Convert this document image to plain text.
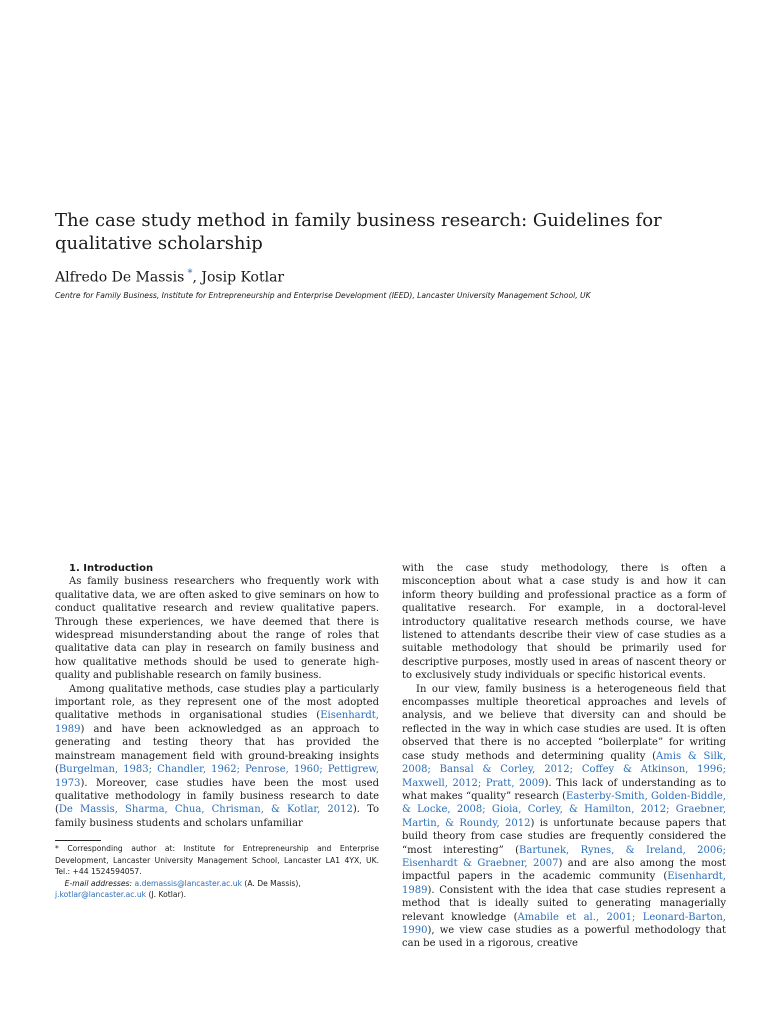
The case study method in family business research: Guidelines for qualitative scholarship
Alfredo De Massis *, Josip Kotlar
Centre for Family Business, Institute for Entrepreneurship and Enterprise Development (IEED), Lancaster University Management School, UK

1. Introduction

As family business researchers who frequently work with qualitative data, we are often asked to give seminars on how to conduct qualitative research and review qualitative papers. Through these experiences, we have deemed that there is widespread misunderstanding about the range of roles that qualitative data can play in research on family business and how qualitative methods should be used to generate high-quality and publishable research on family business.

Among qualitative methods, case studies play a particularly important role, as they represent one of the most adopted qualitative methods in organisational studies (Eisenhardt, 1989) and have been acknowledged as an approach to generating and testing theory that has provided the mainstream management field with ground-breaking insights (Burgelman, 1983; Chandler, 1962; Penrose, 1960; Pettigrew, 1973). Moreover, case studies have been the most used qualitative methodology in family business research to date (De Massis, Sharma, Chua, Chrisman, & Kotlar, 2012). To family business students and scholars unfamiliar

with the case study methodology, there is often a misconception about what a case study is and how it can inform theory building and professional practice as a form of qualitative research. For example, in a doctoral-level introductory qualitative research methods course, we have listened to attendants describe their view of case studies as a suitable methodology that should be primarily used for descriptive purposes, mostly used in areas of nascent theory or to exclusively study individuals or specific historical events.

In our view, family business is a heterogeneous field that encompasses multiple theoretical approaches and levels of analysis, and we believe that diversity can and should be reflected in the way in which case studies are used. It is often observed that there is no accepted “boilerplate” for writing case study methods and determining quality (Amis & Silk, 2008; Bansal & Corley, 2012; Coffey & Atkinson, 1996; Maxwell, 2012; Pratt, 2009). This lack of understanding as to what makes “quality” research (Easterby-Smith, Golden-Biddle, & Locke, 2008; Gioia, Corley, & Hamilton, 2012; Graebner, Martin, & Roundy, 2012) is unfortunate because papers that build theory from case studies are frequently considered the “most interesting” (Bartunek, Rynes, & Ireland, 2006; Eisenhardt & Graebner, 2007) and are also among the most impactful papers in the academic community (Eisenhardt, 1989). Consistent with the idea that case studies represent a method that is ideally suited to generating managerially relevant knowledge (Amabile et al., 2001; Leonard-Barton, 1990), we view case studies as a powerful methodology that can be used in a rigorous, creative

* Corresponding author at: Institute for Entrepreneurship and Enterprise Development, Lancaster University Management School, Lancaster LA1 4YX, UK. Tel.: +44 1524594057.

E-mail addresses: a.demassis@lancaster.ac.uk (A. De Massis),
j.kotlar@lancaster.ac.uk (J. Kotlar).
